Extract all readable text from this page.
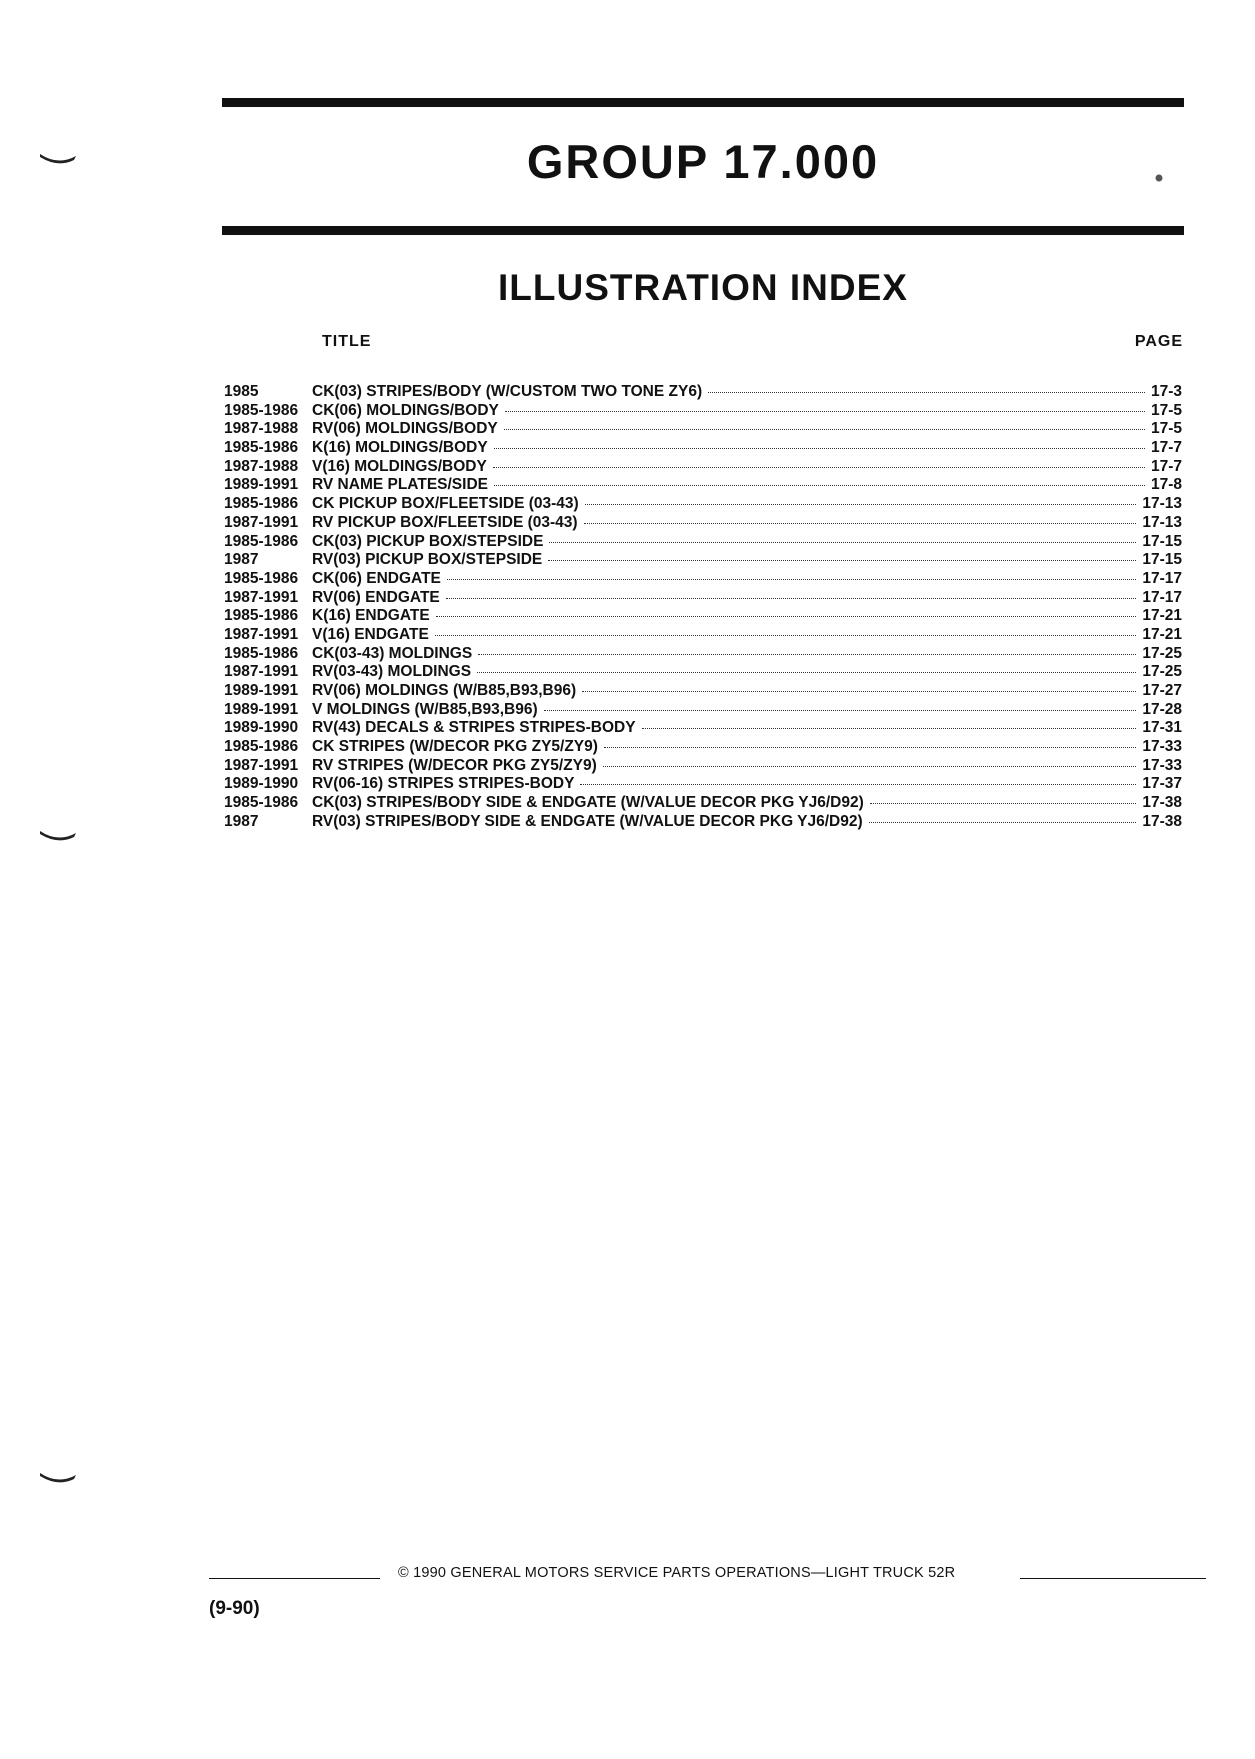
GROUP 17.000
ILLUSTRATION INDEX
TITLE	PAGE
1985	CK(03) STRIPES/BODY (W/CUSTOM TWO TONE ZY6)	17-3
1985-1986 CK(06) MOLDINGS/BODY	17-5
1987-1988 RV(06) MOLDINGS/BODY	17-5
1985-1986 K(16) MOLDINGS/BODY	17-7
1987-1988 V(16) MOLDINGS/BODY	17-7
1989-1991 RV NAME PLATES/SIDE	17-8
1985-1986 CK PICKUP BOX/FLEETSIDE (03-43)	17-13
1987-1991 RV PICKUP BOX/FLEETSIDE (03-43)	17-13
1985-1986 CK(03) PICKUP BOX/STEPSIDE	17-15
1987	RV(03) PICKUP BOX/STEPSIDE	17-15
1985-1986 CK(06) ENDGATE	17-17
1987-1991 RV(06) ENDGATE	17-17
1985-1986 K(16) ENDGATE	17-21
1987-1991 V(16) ENDGATE	17-21
1985-1986 CK(03-43) MOLDINGS	17-25
1987-1991 RV(03-43) MOLDINGS	17-25
1989-1991 RV(06) MOLDINGS (W/B85,B93,B96)	17-27
1989-1991 V MOLDINGS (W/B85,B93,B96)	17-28
1989-1990 RV(43) DECALS & STRIPES STRIPES-BODY	17-31
1985-1986 CK STRIPES (W/DECOR PKG ZY5/ZY9)	17-33
1987-1991 RV STRIPES (W/DECOR PKG ZY5/ZY9)	17-33
1989-1990 RV(06-16) STRIPES STRIPES-BODY	17-37
1985-1986 CK(03) STRIPES/BODY SIDE & ENDGATE (W/VALUE DECOR PKG YJ6/D92)	17-38
1987	RV(03) STRIPES/BODY SIDE & ENDGATE (W/VALUE DECOR PKG YJ6/D92)	17-38
© 1990 GENERAL MOTORS SERVICE PARTS OPERATIONS—LIGHT TRUCK 52R
(9-90)
